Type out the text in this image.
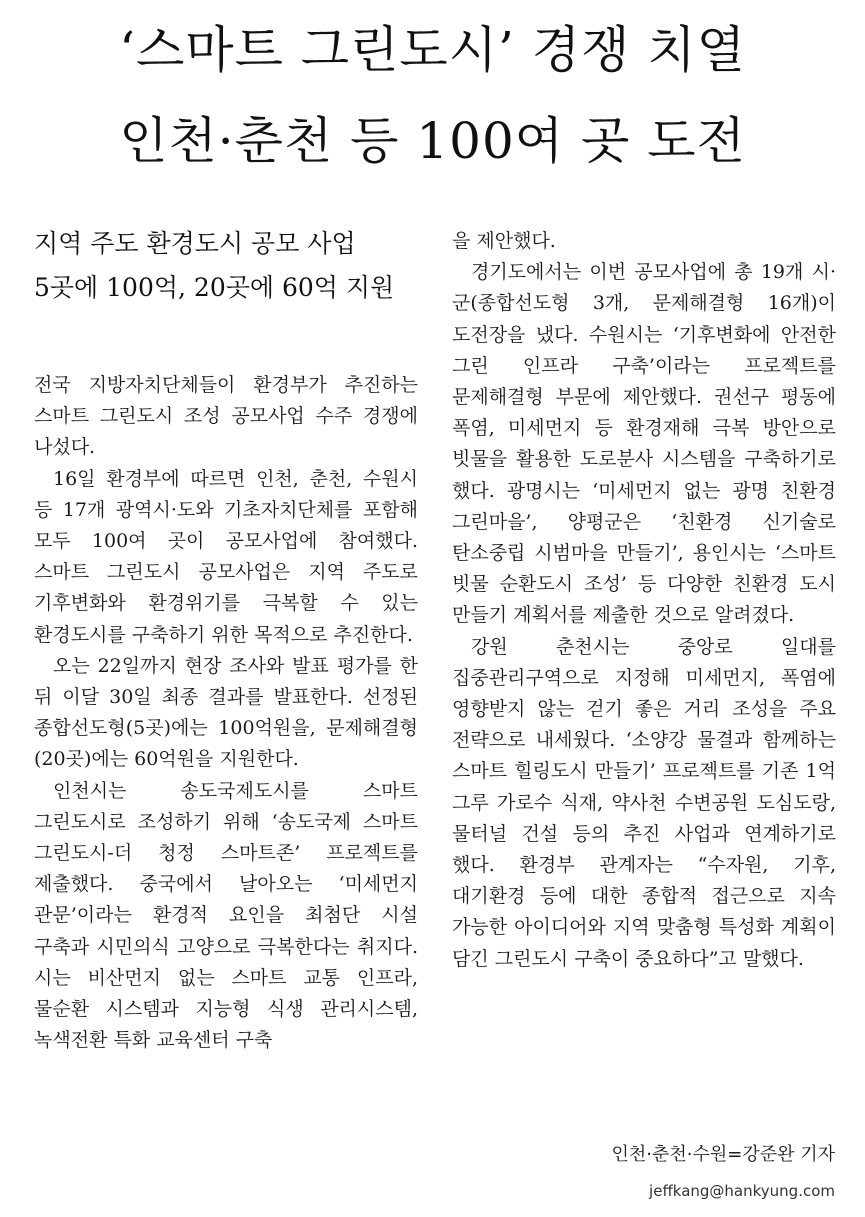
‘스마트 그린도시’ 경쟁 치열
인천·춘천 등 100여 곳 도전
지역 주도 환경도시 공모 사업
5곳에 100억, 20곳에 60억 지원

전국 지방자치단체들이 환경부가 추진하는 스마트 그린도시 조성 공모사업 수주 경쟁에 나섰다.

16일 환경부에 따르면 인천, 춘천, 수원시 등 17개 광역시·도와 기초자치단체를 포함해 모두 100여 곳이 공모사업에 참여했다. 스마트 그린도시 공모사업은 지역 주도로 기후변화와 환경위기를 극복할 수 있는 환경도시를 구축하기 위한 목적으로 추진한다.

오는 22일까지 현장 조사와 발표 평가를 한 뒤 이달 30일 최종 결과를 발표한다. 선정된 종합선도형(5곳)에는 100억원을, 문제해결형(20곳)에는 60억원을 지원한다.

인천시는 송도국제도시를 스마트 그린도시로 조성하기 위해 ‘송도국제 스마트 그린도시-더 청정 스마트존’ 프로젝트를 제출했다. 중국에서 날아오는 ‘미세먼지 관문’이라는 환경적 요인을 최첨단 시설 구축과 시민의식 고양으로 극복한다는 취지다. 시는 비산먼지 없는 스마트 교통 인프라, 물순환 시스템과 지능형 식생 관리시스템, 녹색전환 특화 교육센터 구축

을 제안했다.

경기도에서는 이번 공모사업에 총 19개 시·군(종합선도형 3개, 문제해결형 16개)이 도전장을 냈다. 수원시는 ‘기후변화에 안전한 그린 인프라 구축’이라는 프로젝트를 문제해결형 부문에 제안했다. 권선구 평동에 폭염, 미세먼지 등 환경재해 극복 방안으로 빗물을 활용한 도로분사 시스템을 구축하기로 했다. 광명시는 ‘미세먼지 없는 광명 친환경 그린마을’, 양평군은 ‘친환경 신기술로 탄소중립 시범마을 만들기’, 용인시는 ‘스마트 빗물 순환도시 조성’ 등 다양한 친환경 도시 만들기 계획서를 제출한 것으로 알려졌다.

강원 춘천시는 중앙로 일대를 집중관리구역으로 지정해 미세먼지, 폭염에 영향받지 않는 걷기 좋은 거리 조성을 주요 전략으로 내세웠다. ‘소양강 물결과 함께하는 스마트 힐링도시 만들기’ 프로젝트를 기존 1억 그루 가로수 식재, 약사천 수변공원 도심도랑, 물터널 건설 등의 추진 사업과 연계하기로 했다. 환경부 관계자는 “수자원, 기후, 대기환경 등에 대한 종합적 접근으로 지속 가능한 아이디어와 지역 맞춤형 특성화 계획이 담긴 그린도시 구축이 중요하다”고 말했다.

인천·춘천·수원=강준완 기자
jeffkang@hankyung.com
